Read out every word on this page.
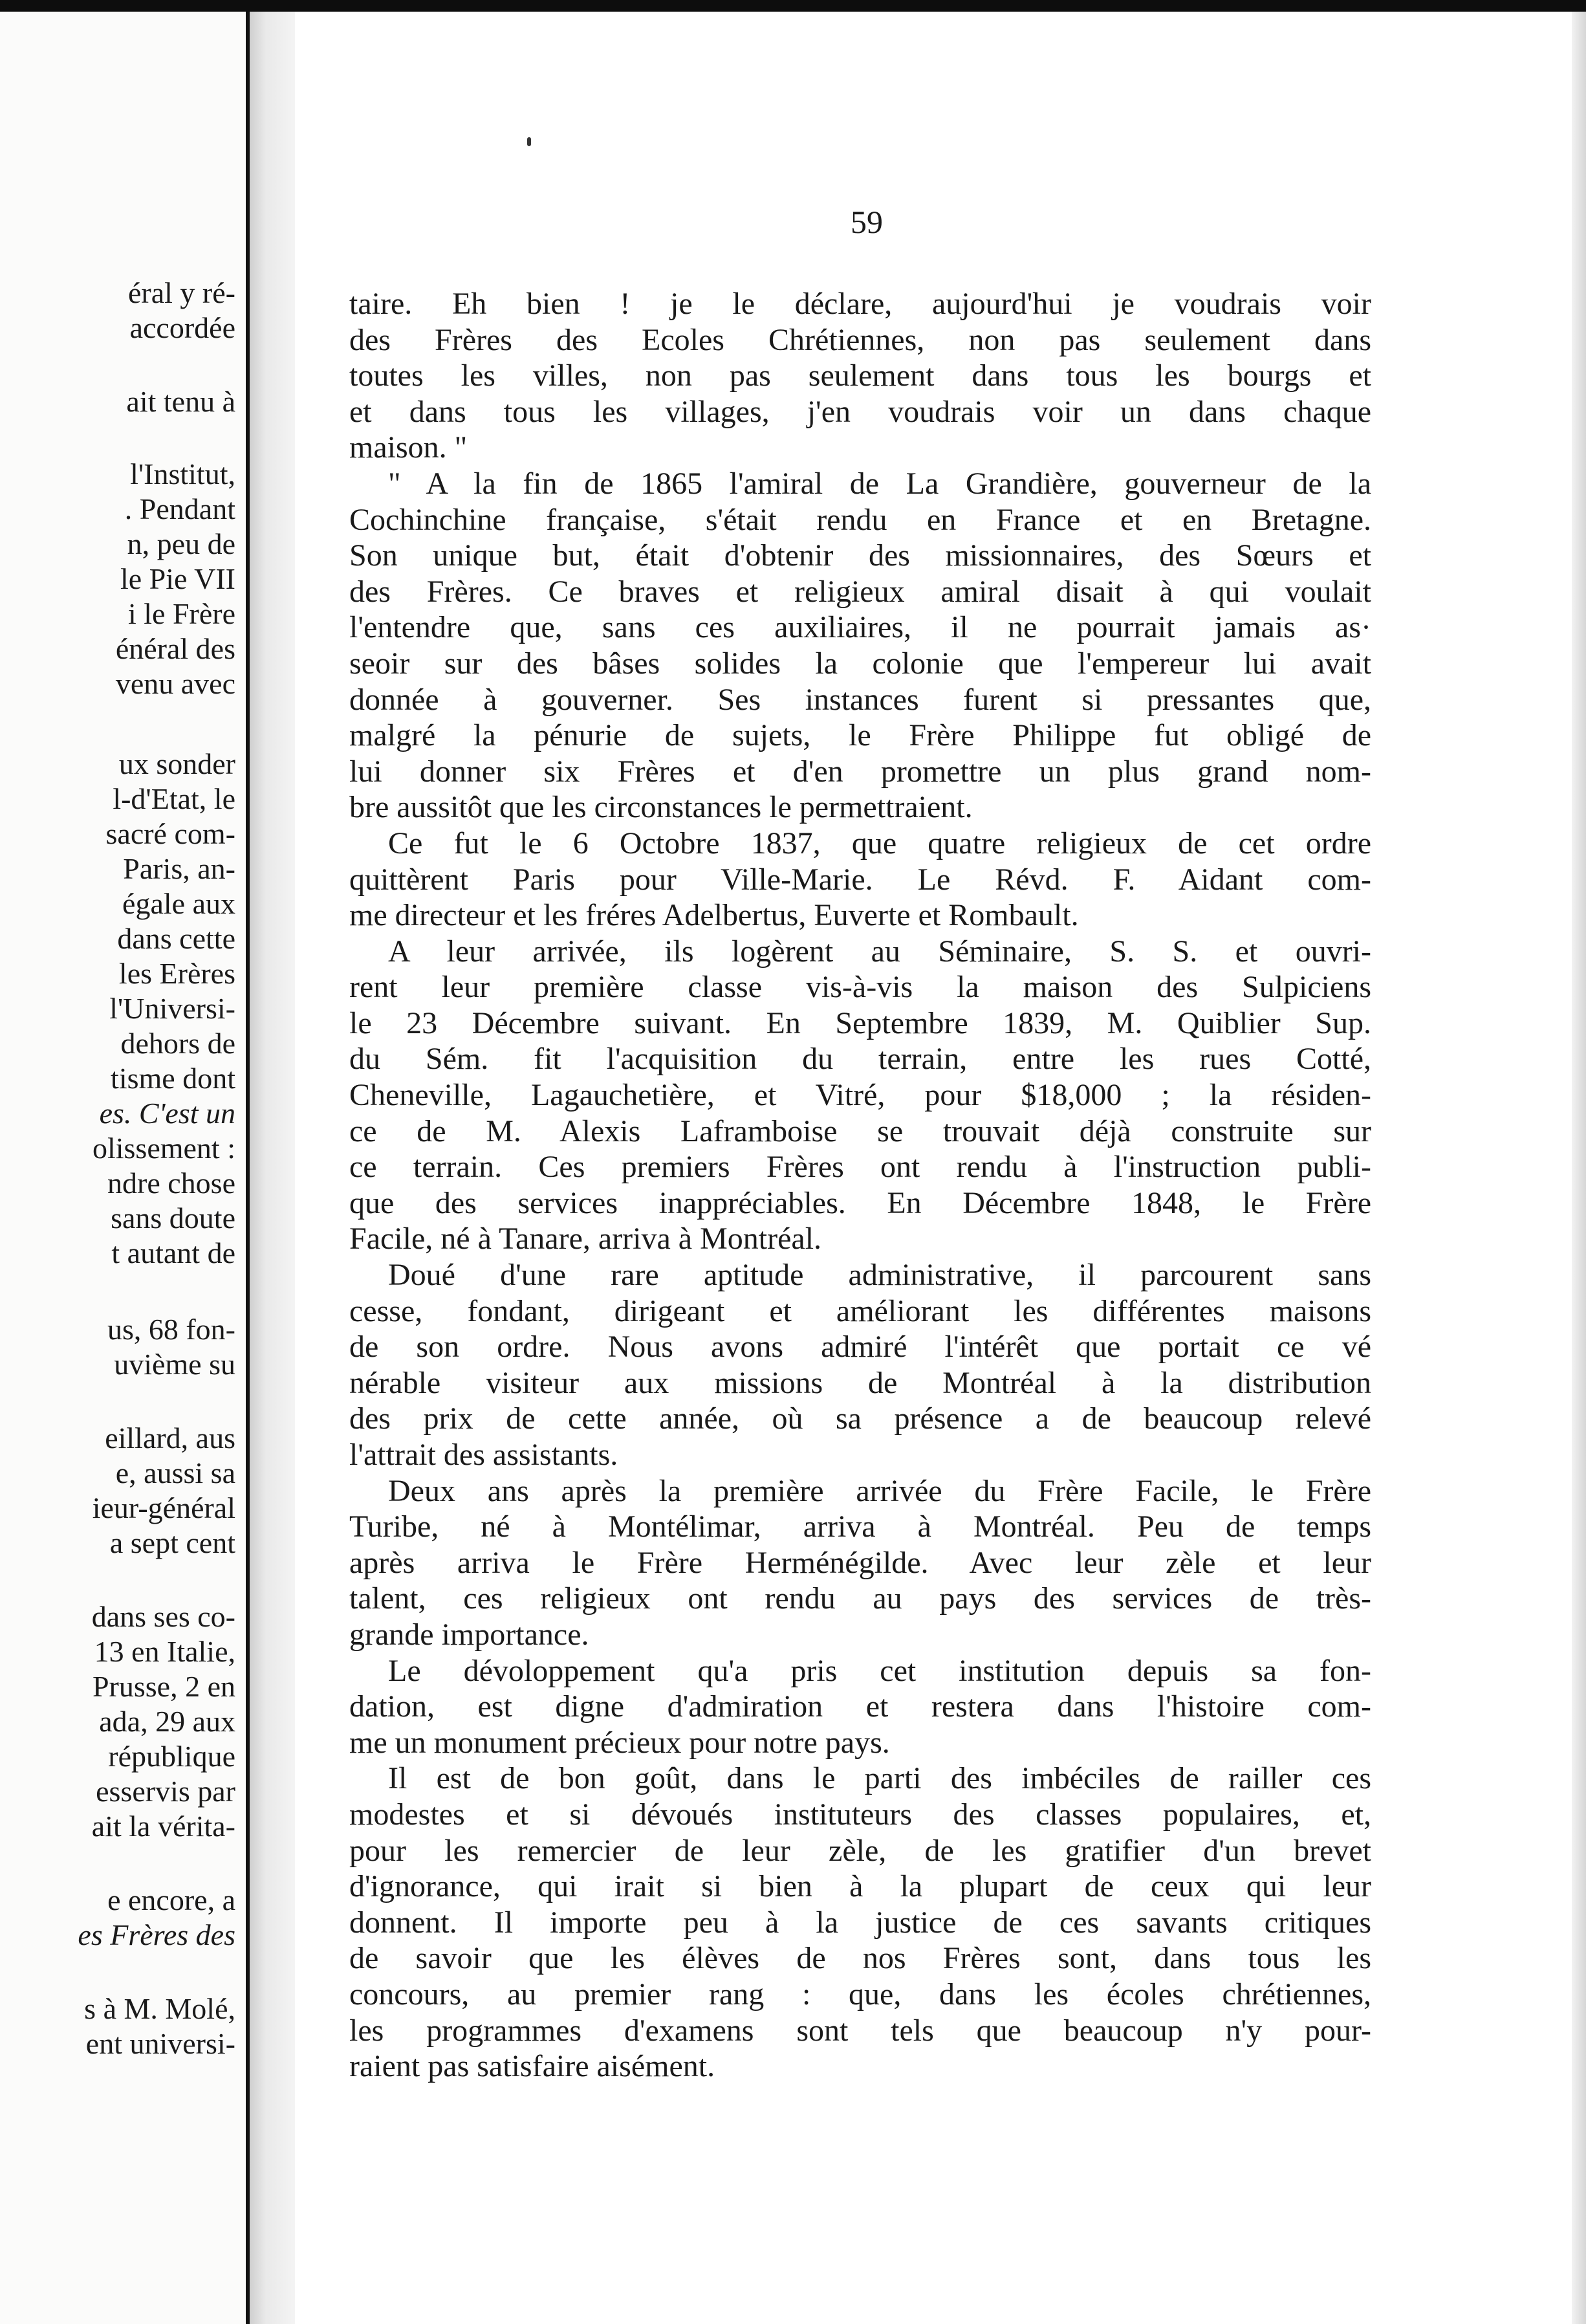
éral y ré-
accordée
ait tenu à
l'Institut,
. Pendant
n, peu de
le Pie VII
i le Frère
énéral des
venu avec
ux sonder
l-d'Etat, le
sacré com-
Paris, an-
égale aux
dans cette
les Erères
l'Universi-
dehors de
tisme dont
es. C'est un
olissement :
ndre chose
sans doute
t autant de
us, 68 fon-
uvième su
eillard, aus
e, aussi sa
ieur-général
a sept cent
dans ses co-
13 en Italie,
Prusse, 2 en
ada, 29 aux
république
esservis par
ait la vérita-
e encore, a
es Frères des
s à M. Molé,
ent universi-
59
taire. Eh bien ! je le déclare, aujourd'hui je voudrais voir
des Frères des Ecoles Chrétiennes, non pas seulement dans
toutes les villes, non pas seulement dans tous les bourgs et
et dans tous les villages, j'en voudrais voir un dans chaque
maison. "
" A la fin de 1865 l'amiral de La Grandière, gouverneur de la
Cochinchine française, s'était rendu en France et en Bretagne.
Son unique but, était d'obtenir des missionnaires, des Sœurs et
des Frères. Ce braves et religieux amiral disait à qui voulait
l'entendre que, sans ces auxiliaires, il ne pourrait jamais as·
seoir sur des bâses solides la colonie que l'empereur lui avait
donnée à gouverner. Ses instances furent si pressantes que,
malgré la pénurie de sujets, le Frère Philippe fut obligé de
lui donner six Frères et d'en promettre un plus grand nom-
bre aussitôt que les circonstances le permettraient.
Ce fut le 6 Octobre 1837, que quatre religieux de cet ordre
quittèrent Paris pour Ville-Marie. Le Révd. F. Aidant com-
me directeur et les fréres Adelbertus, Euverte et Rombault.
A leur arrivée, ils logèrent au Séminaire, S. S. et ouvri-
rent leur première classe vis-à-vis la maison des Sulpiciens
le 23 Décembre suivant. En Septembre 1839, M. Quiblier Sup.
du Sém. fit l'acquisition du terrain, entre les rues Cotté,
Cheneville, Lagauchetière, et Vitré, pour $18,000 ; la résiden-
ce de M. Alexis Laframboise se trouvait déjà construite sur
ce terrain. Ces premiers Frères ont rendu à l'instruction publi-
que des services inappréciables. En Décembre 1848, le Frère
Facile, né à Tanare, arriva à Montréal.
Doué d'une rare aptitude administrative, il parcourent sans
cesse, fondant, dirigeant et améliorant les différentes maisons
de son ordre. Nous avons admiré l'intérêt que portait ce vé
nérable visiteur aux missions de Montréal à la distribution
des prix de cette année, où sa présence a de beaucoup relevé
l'attrait des assistants.
Deux ans après la première arrivée du Frère Facile, le Frère
Turibe, né à Montélimar, arriva à Montréal. Peu de temps
après arriva le Frère Herménégilde. Avec leur zèle et leur
talent, ces religieux ont rendu au pays des services de très-
grande importance.
Le dévoloppement qu'a pris cet institution depuis sa fon-
dation, est digne d'admiration et restera dans l'histoire com-
me un monument précieux pour notre pays.
Il est de bon goût, dans le parti des imbéciles de railler ces
modestes et si dévoués instituteurs des classes populaires, et,
pour les remercier de leur zèle, de les gratifier d'un brevet
d'ignorance, qui irait si bien à la plupart de ceux qui leur
donnent. Il importe peu à la justice de ces savants critiques
de savoir que les élèves de nos Frères sont, dans tous les
concours, au premier rang : que, dans les écoles chrétiennes,
les programmes d'examens sont tels que beaucoup n'y pour-
raient pas satisfaire aisément.
